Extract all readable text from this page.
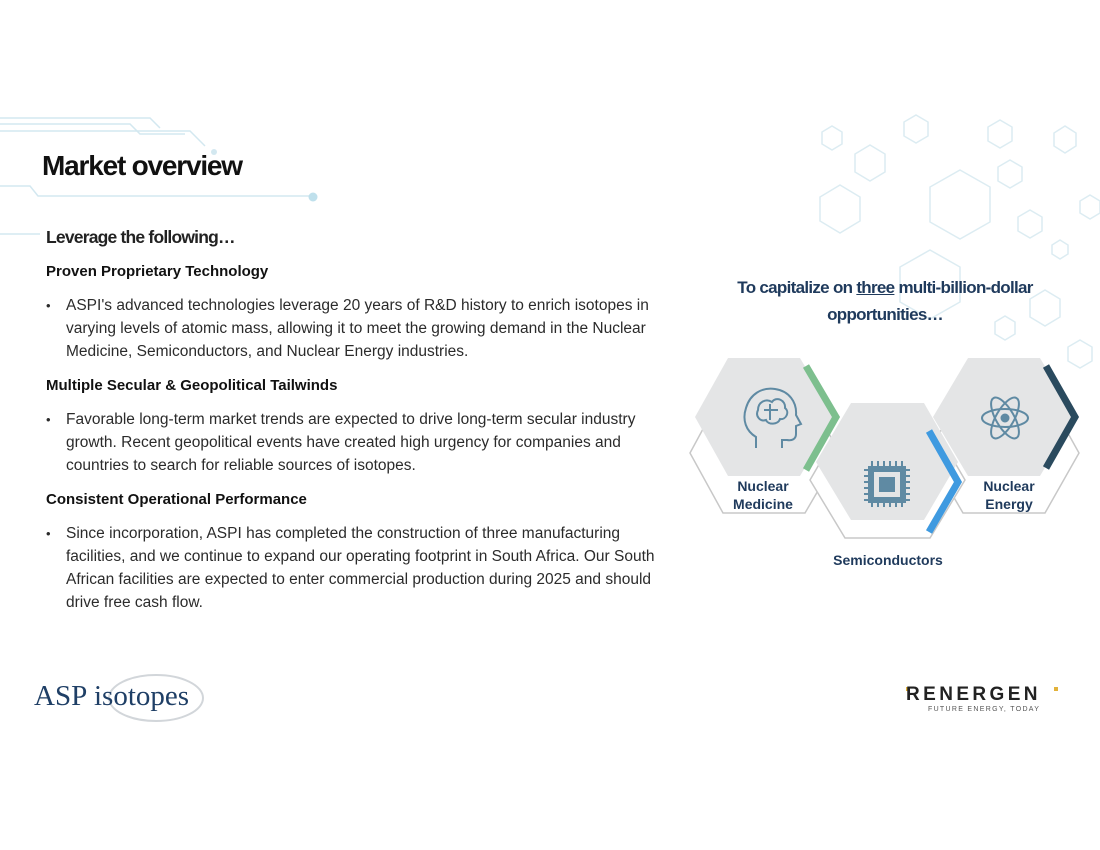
Market overview
Leverage the following…
Proven Proprietary Technology
• ASPI's advanced technologies leverage 20 years of R&D history to enrich isotopes in varying levels of atomic mass, allowing it to meet the growing demand in the Nuclear Medicine, Semiconductors, and Nuclear Energy industries.
Multiple Secular & Geopolitical Tailwinds
• Favorable long-term market trends are expected to drive long-term secular industry growth. Recent geopolitical events have created high urgency for companies and countries to search for reliable sources of isotopes.
Consistent Operational Performance
• Since incorporation, ASPI has completed the construction of three manufacturing facilities, and we continue to expand our operating footprint in South Africa. Our South African facilities are expected to enter commercial production during 2025 and should drive free cash flow.
To capitalize on three multi-billion-dollar opportunities…
Nuclear
Medicine
Nuclear
Energy
Semiconductors
ASP isotopes	RENERGEN
FUTURE ENERGY, TODAY
